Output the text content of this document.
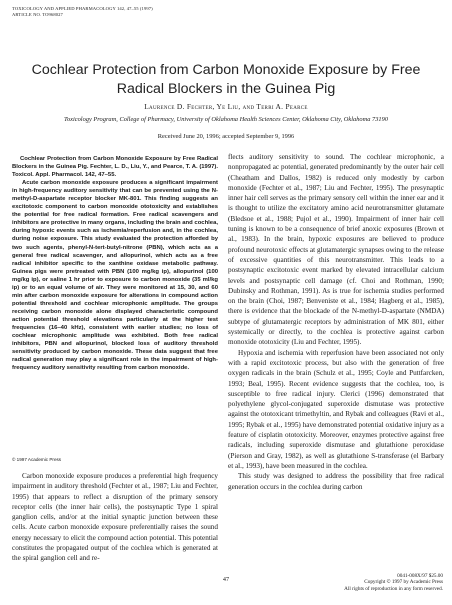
TOXICOLOGY AND APPLIED PHARMACOLOGY 142, 47–55 (1997)
ARTICLE NO. TO968027
Cochlear Protection from Carbon Monoxide Exposure by Free Radical Blockers in the Guinea Pig
Laurence D. Fechter, Ye Liu, and Terri A. Pearce
Toxicology Program, College of Pharmacy, University of Oklahoma Health Sciences Center, Oklahoma City, Oklahoma 73190
Received June 20, 1996; accepted September 9, 1996

Cochlear Protection from Carbon Monoxide Exposure by Free Radical Blockers in the Guinea Pig. Fechter, L. D., Liu, Y., and Pearce, T. A. (1997). Toxicol. Appl. Pharmacol. 142, 47–55.

Acute carbon monoxide exposure produces a significant impairment in high-frequency auditory sensitivity that can be prevented using the N-methyl-D-aspartate receptor blocker MK-801. This finding suggests an excitotoxic component to carbon monoxide ototoxicity and establishes the potential for free radical formation. Free radical scavengers and inhibitors are protective in many organs, including the brain and cochlea, during hypoxic events such as ischemia/reperfusion and, in the cochlea, during noise exposure. This study evaluated the protection afforded by two such agents, phenyl-N-tert-butyl-nitrone (PBN), which acts as a general free radical scavenger, and allopurinol, which acts as a free radical inhibitor specific to the xanthine oxidase metabolic pathway. Guinea pigs were pretreated with PBN (100 mg/kg ip), allopurinol (100 mg/kg ip), or saline 1 hr prior to exposure to carbon monoxide (35 ml/kg ip) or to an equal volume of air. They were monitored at 15, 30, and 60 min after carbon monoxide exposure for alterations in compound action potential threshold and cochlear microphonic amplitude. The groups receiving carbon monoxide alone displayed characteristic compound action potential threshold elevations particularly at the higher test frequencies (16–40 kHz), consistent with earlier studies; no loss of cochlear microphonic amplitude was exhibited. Both free radical inhibitors, PBN and allopurinol, blocked loss of auditory threshold sensitivity produced by carbon monoxide. These data suggest that free radical generation may play a significant role in the impairment of high-frequency auditory sensitivity resulting from carbon monoxide.

© 1997 Academic Press

Carbon monoxide exposure produces a preferential high frequency impairment in auditory threshold (Fechter et al., 1987; Liu and Fechter, 1995) that appears to reflect a disruption of the primary sensory receptor cells (the inner hair cells), the postsynaptic Type 1 spiral ganglion cells, and/or at the initial synaptic junction between these cells. Acute carbon monoxide exposure preferentially raises the sound energy necessary to elicit the compound action potential. This potential constitutes the propagated output of the cochlea which is generated at the spiral ganglion cell and re-

flects auditory sensitivity to sound. The cochlear microphonic, a nonpropagated ac potential, generated predominantly by the outer hair cell (Cheatham and Dallos, 1982) is reduced only modestly by carbon monoxide (Fechter et al., 1987; Liu and Fechter, 1995). The presynaptic inner hair cell serves as the primary sensory cell within the inner ear and it is thought to utilize the excitatory amino acid neurotransmitter glutamate (Bledsoe et al., 1988; Pujol et al., 1990). Impairment of inner hair cell tuning is known to be a consequence of brief anoxic exposures (Brown et al., 1983). In the brain, hypoxic exposures are believed to produce profound neurotoxic effects at glutamatergic synapses owing to the release of excessive quantities of this neurotransmitter. This leads to a postsynaptic excitotoxic event marked by elevated intracellular calcium levels and postsynaptic cell damage (cf. Choi and Rothman, 1990; Dubinsky and Rothman, 1991). As is true for ischemia studies performed on the brain (Choi, 1987; Benveniste et al., 1984; Hagberg et al., 1985), there is evidence that the blockade of the N-methyl-D-aspartate (NMDA) subtype of glutamatergic receptors by administration of MK 801, either systemically or directly, to the cochlea is protective against carbon monoxide ototoxicity (Liu and Fechter, 1995).

Hypoxia and ischemia with reperfusion have been associated not only with a rapid excitotoxic process, but also with the generation of free oxygen radicals in the brain (Schulz et al., 1995; Coyle and Puttfarcken, 1993; Beal, 1995). Recent evidence suggests that the cochlea, too, is susceptible to free radical injury. Clerici (1996) demonstrated that polyethylene glycol-conjugated superoxide dismutase was protective against the ototoxicant trimethyltin, and Rybak and colleagues (Ravi et al., 1995; Rybak et al., 1995) have demonstrated potential oxidative injury as a feature of cisplatin ototoxicity. Moreover, enzymes protective against free radicals, including superoxide dismutase and glutathione peroxidase (Pierson and Gray, 1982), as well as glutathione S-transferase (el Barbary et al., 1993), have been measured in the cochlea.

This study was designed to address the possibility that free radical generation occurs in the cochlea during carbon

47	0041-008X/97 $25.00
Copyright © 1997 by Academic Press
All rights of reproduction in any form reserved.
